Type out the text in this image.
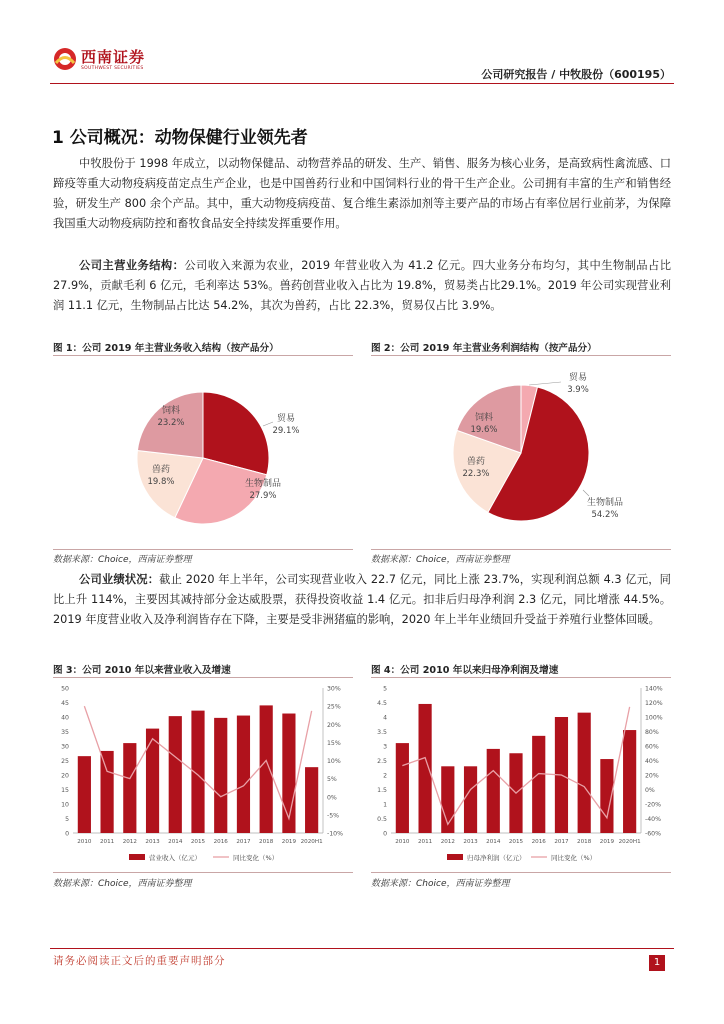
西南证券
SOUTHWEST SECURITIES	公司研究报告 / 中牧股份（600195）
1 公司概况：动物保健行业领先者
中牧股份于 1998 年成立，以动物保健品、动物营养品的研发、生产、销售、服务为核心业务，是高致病性禽流感、口蹄疫等重大动物疫病疫苗定点生产企业，也是中国兽药行业和中国饲料行业的骨干生产企业。公司拥有丰富的生产和销售经验，研发生产 800 余个产品。其中，重大动物疫病疫苗、复合维生素添加剂等主要产品的市场占有率位居行业前茅，为保障我国重大动物疫病防控和畜牧食品安全持续发挥重要作用。
公司主营业务结构：公司收入来源为农业，2019 年营业收入为 41.2 亿元。四大业务分布均匀，其中生物制品占比 27.9%，贡献毛利 6 亿元，毛利率达 53%。兽药创营业收入占比为 19.8%，贸易类占比29.1%。2019 年公司实现营业利润 11.1 亿元，生物制品占比达 54.2%，其次为兽药，占比 22.3%，贸易仅占比 3.9%。
图 1：公司 2019 年主营业务收入结构（按产品分）
贸易
29.1%
生物制品
27.9%
兽药
19.8%
饲料
23.2%
数据来源：Choice，西南证券整理
图 2：公司 2019 年主营业务利润结构（按产品分）
贸易
3.9%
生物制品
54.2%
兽药
22.3%
饲料
19.6%
数据来源：Choice，西南证券整理
公司业绩状况：截止 2020 年上半年，公司实现营业收入 22.7 亿元，同比上涨 23.7%，实现利润总额 4.3 亿元，同比上升 114%，主要因其减持部分金达威股票，获得投资收益 1.4 亿元。扣非后归母净利润 2.3 亿元，同比增涨 44.5%。2019 年度营业收入及净利润皆存在下降，主要是受非洲猪瘟的影响，2020 年上半年业绩回升受益于养殖行业整体回暖。
图 3：公司 2010 年以来营业收入及增速
0
5
10
15
20
25
30
35
40
45
50
-10%
-5%
0%
5%
10%
15%
20%
25%
30%
2010 2011 2012 2013 2014 2015 2016 2017 2018 2019 2020H1
营业收入（亿元）	同比变化（%）
数据来源：Choice，西南证券整理
图 4：公司 2010 年以来归母净利润及增速
0
0.5
1
1.5
2
2.5
3
3.5
4
4.5
5
-60%
-40%
-20%
0%
20%
40%
60%
80%
100%
120%
140%
2010 2011 2012 2013 2014 2015 2016 2017 2018 2019 2020H1
归母净利润（亿元）	同比变化（%）
数据来源：Choice，西南证券整理
请务必阅读正文后的重要声明部分	1
